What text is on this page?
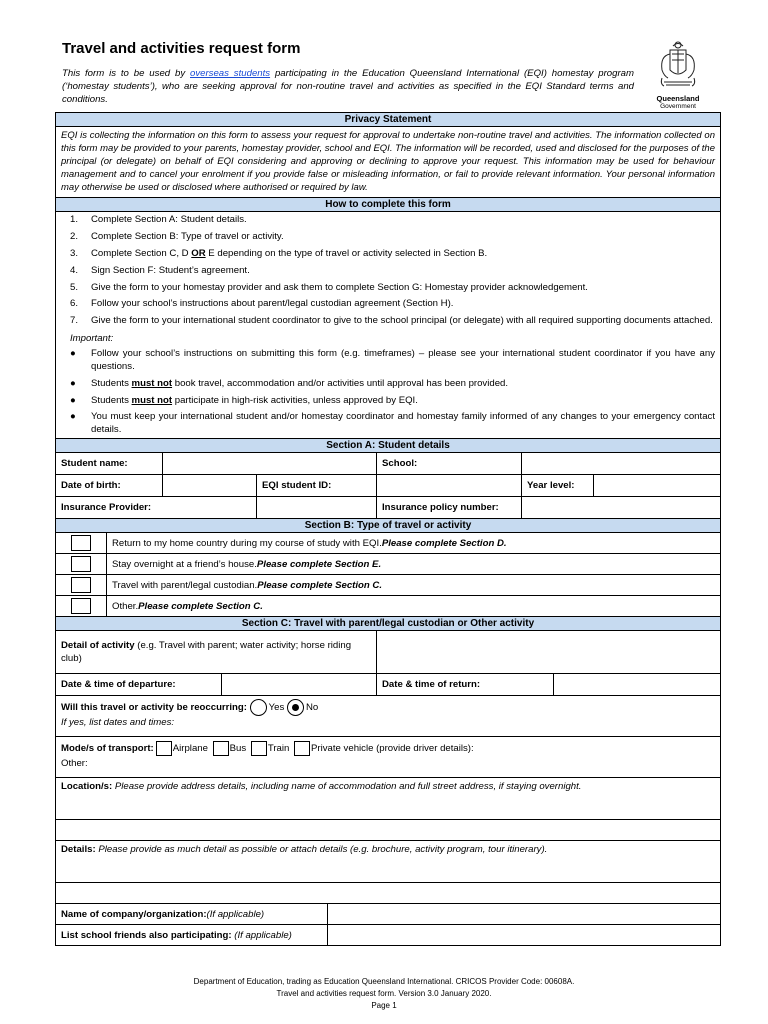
Travel and activities request form
This form is to be used by overseas students participating in the Education Queensland International (EQI) homestay program (‘homestay students’), who are seeking approval for non-routine travel and activities as specified in the EQI Standard terms and conditions.	Queensland
Government
Privacy Statement
EQI is collecting the information on this form to assess your request for approval to undertake non-routine travel and activities. The information collected on this form may be provided to your parents, homestay provider, school and EQI. The information will be recorded, used and disclosed for the purposes of the principal (or delegate) on behalf of EQI considering and approving or declining to approve your request. This information may be used for behaviour management and to cancel your enrolment if you provide false or misleading information, or fail to provide relevant information. Your personal information may otherwise be used or disclosed where authorised or required by law.
How to complete this form
1. Complete Section A: Student details.
2. Complete Section B: Type of travel or activity.
3. Complete Section C, D OR E depending on the type of travel or activity selected in Section B.
4. Sign Section F: Student’s agreement.
5. Give the form to your homestay provider and ask them to complete Section G: Homestay provider acknowledgement.
6. Follow your school’s instructions about parent/legal custodian agreement (Section H).
7. Give the form to your international student coordinator to give to the school principal (or delegate) with all required supporting documents attached.
Important:
● Follow your school’s instructions on submitting this form (e.g. timeframes) – please see your international student coordinator if you have any questions.
● Students must not book travel, accommodation and/or activities until approval has been provided.
● Students must not participate in high-risk activities, unless approved by EQI.
● You must keep your international student and/or homestay coordinator and homestay family informed of any changes to your emergency contact details.
Section A: Student details
Student name:	School:
Date of birth:	EQI student ID:	Year level:
Insurance Provider:	Insurance policy number:
Section B: Type of travel or activity
Return to my home country during my course of study with EQI. Please complete Section D.
Stay overnight at a friend’s house. Please complete Section E.
Travel with parent/legal custodian. Please complete Section C.
Other. Please complete Section C.
Section C: Travel with parent/legal custodian or Other activity
Detail of activity (e.g. Travel with parent; water activity; horse riding club)
Date & time of departure:	Date & time of return:
Will this travel or activity be reoccurring: Yes No
If yes, list dates and times:
Mode/s of transport: Airplane Bus Train Private vehicle (provide driver details):
Other:
Location/s: Please provide address details, including name of accommodation and full street address, if staying overnight.
Details: Please provide as much detail as possible or attach details (e.g. brochure, activity program, tour itinerary).
Name of company/organization:(If applicable)
List school friends also participating: (If applicable)
Department of Education, trading as Education Queensland International. CRICOS Provider Code: 00608A.
Travel and activities request form. Version 3.0 January 2020.
Page 1
